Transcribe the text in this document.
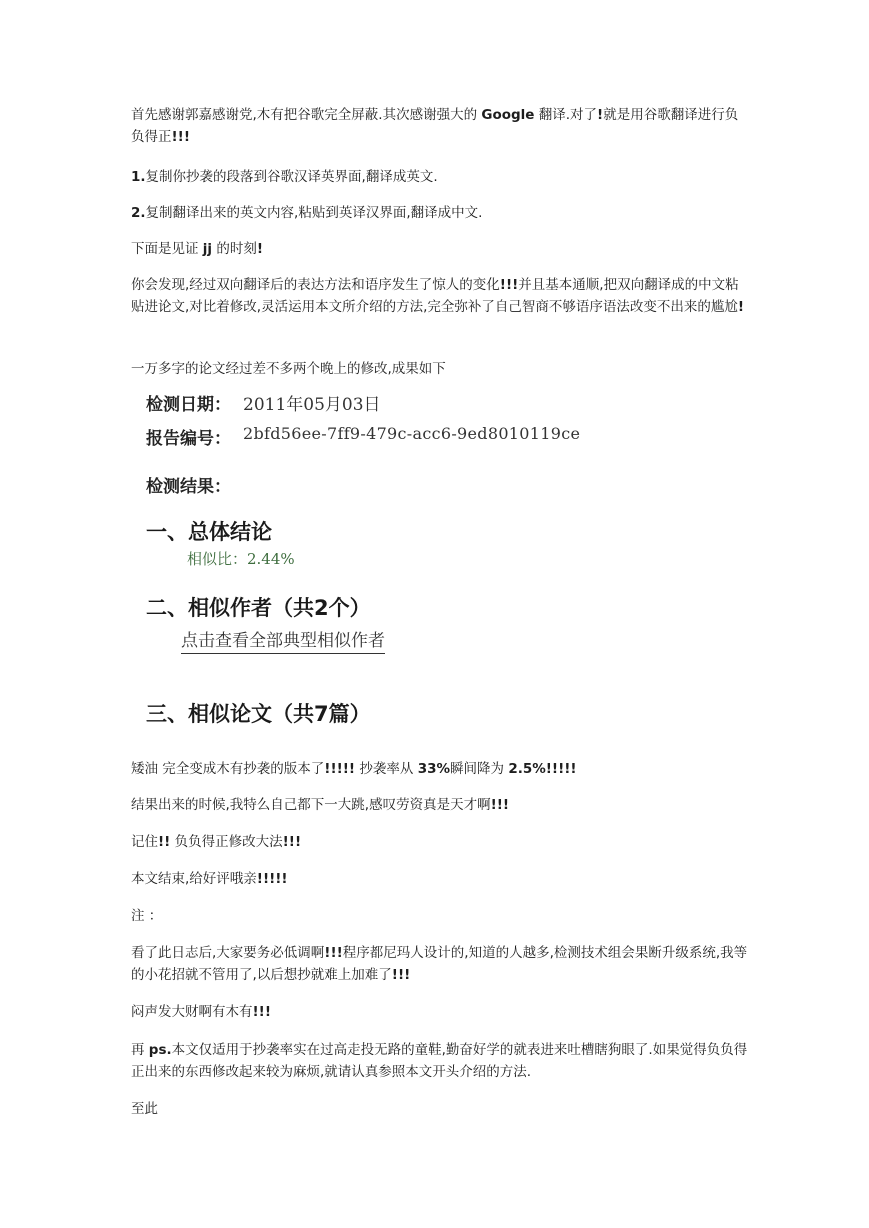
首先感谢郭嘉感谢党,木有把谷歌完全屏蔽.其次感谢强大的 Google 翻译.对了!就是用谷歌翻译进行负负得正!!!

1.复制你抄袭的段落到谷歌汉译英界面,翻译成英文.

2.复制翻译出来的英文内容,粘贴到英译汉界面,翻译成中文.

下面是见证 jj 的时刻!

你会发现,经过双向翻译后的表达方法和语序发生了惊人的变化!!!并且基本通顺,把双向翻译成的中文粘贴进论文,对比着修改,灵活运用本文所介绍的方法,完全弥补了自己智商不够语序语法改变不出来的尴尬!

一万多字的论文经过差不多两个晚上的修改,成果如下

检测日期： 2011年05月03日
报告编号： 2bfd56ee-7ff9-479c-acc6-9ed8010119ce
检测结果：
一、总体结论
相似比：2.44%
二、相似作者（共2个）
点击查看全部典型相似作者
三、相似论文（共7篇）

矮油 完全变成木有抄袭的版本了!!!!! 抄袭率从 33%瞬间降为 2.5%!!!!!

结果出来的时候,我特么自己都下一大跳,感叹劳资真是天才啊!!!

记住!! 负负得正修改大法!!!

本文结束,给好评哦亲!!!!!

注 ：

看了此日志后,大家要务必低调啊!!!程序都尼玛人设计的,知道的人越多,检测技术组会果断升级系统,我等的小花招就不管用了,以后想抄就难上加难了!!!

闷声发大财啊有木有!!!

再 ps.本文仅适用于抄袭率实在过高走投无路的童鞋,勤奋好学的就表进来吐槽瞎狗眼了.如果觉得负负得正出来的东西修改起来较为麻烦,就请认真参照本文开头介绍的方法.

至此
